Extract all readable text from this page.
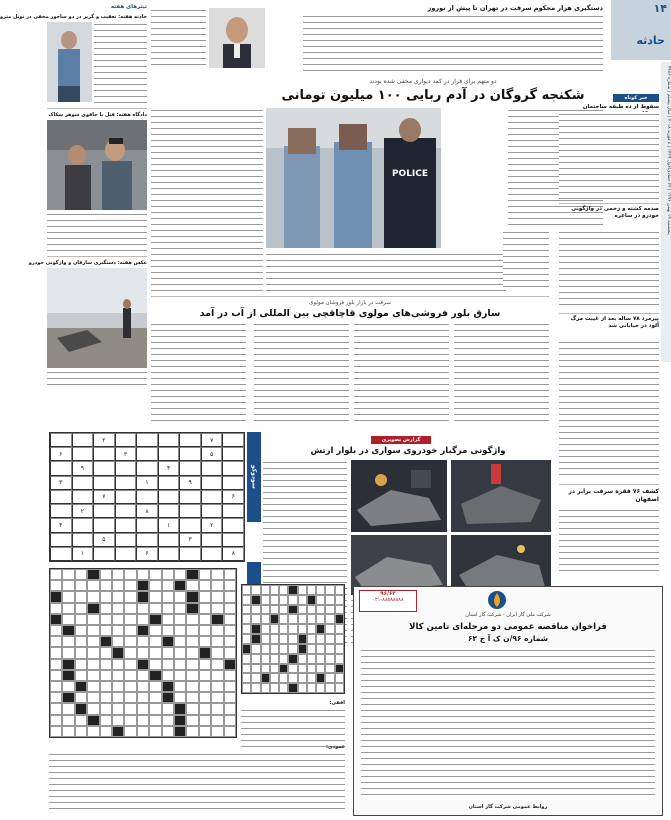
۱۴
حادثه
پنجشنبه ۱۹ بهمن ۱۳۹۶ | ۲۲ جمادی‌الاول ۱۴۳۹ | ۸ فوریه ۲۰۱۸ | سال بیستم | شماره ۴۴۸۶
دستگیری هزار محکوم سرقت در تهران تا پیش از نوروز
تیترهای هفته
حادثه هفته: تعقیب و گریز در دو ساحور مخفی در تونل مترو
دادگاه هفته: قتل با چاقوی شوهر شکاک
عکس هفته: دستگیری سارقان و واژگونی خودرو
دو متهم برای فرار در کمد دیواری مخفی شده بودند
شکنجه گروگان در آدم ربایی ۱۰۰ میلیون تومانی
POLICE
خبر کوتاه
سقوط از ده طبقه ساختمان
صدمه کشته و زخمی در واژگونی خودرو در ساعره
پیرمرد ۷۸ ساله بعد از غیبت مرگ آلود در خیابانی شد
کشف ۷۶ فقره سرقت برابر در اصفهان
سرقت در بازار بلور فروشان مولوی
سارق بلور فروشی‌های مولوی قاچاقچی بین المللی از آب در آمد
گزارش تصویری
واژگونی مرگبار خودروی سواری در بلوار ارتش
سودوکو
۷
۲
۵
۳
۶
۴
۹
۹
۱
۳
۶
۷
۸
۲
۲
۱
۴
۳
۵
۸
۶
۱
افقی:
عمودی:
۹۶/۶۲
۰۲۱-۸۸۸۸۸۸۸۸
شرکت ملی گاز ایران - شرکت گاز استان
فراخوان مناقصه عمومی دو مرحله‌ای تامین کالا
شماره ۹۶/ن ک آ ج ۶۲
روابط عمومی شرکت گاز استان
